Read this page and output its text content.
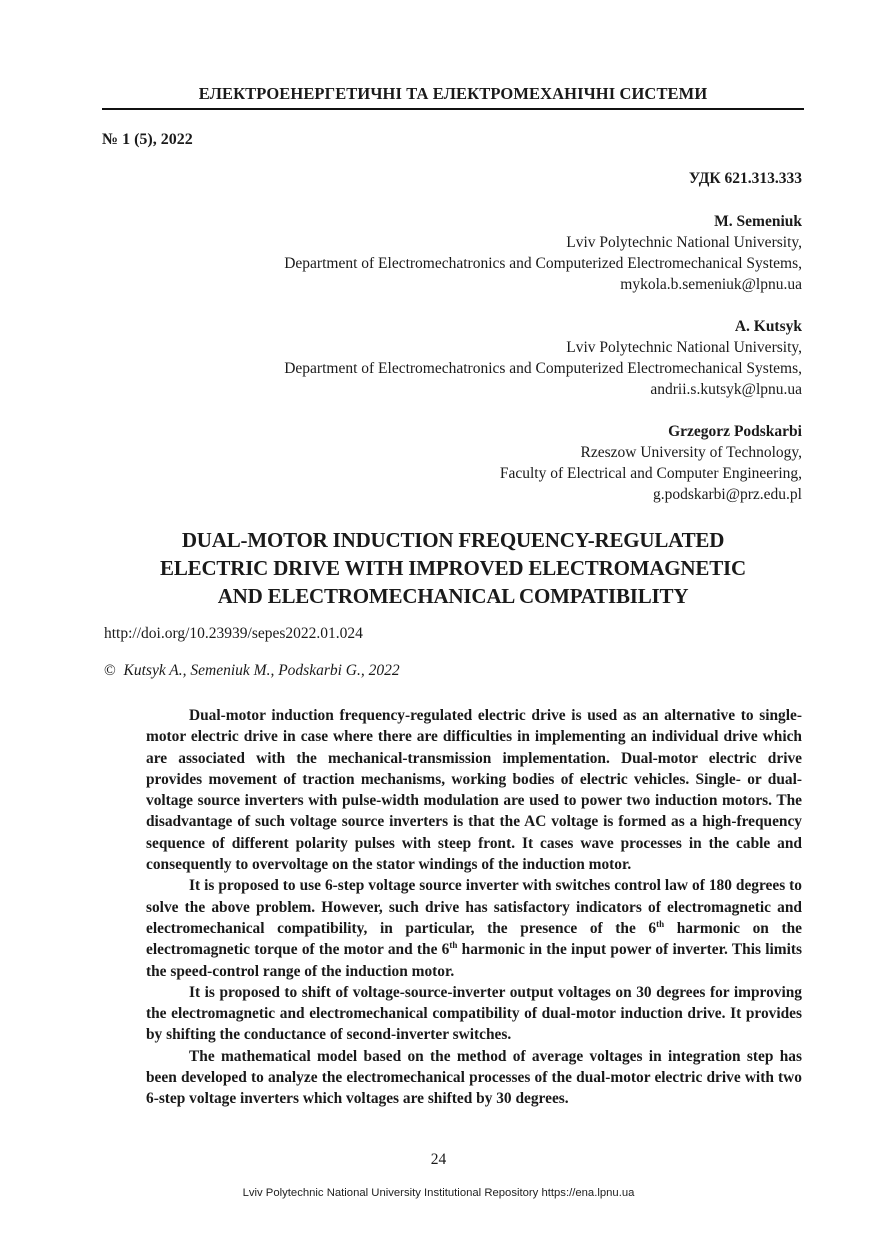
ЕЛЕКТРОЕНЕРГЕТИЧНІ ТА ЕЛЕКТРОМЕХАНІЧНІ СИСТЕМИ
№ 1 (5), 2022
УДК 621.313.333
M. Semeniuk
Lviv Polytechnic National University,
Department of Electromechatronics and Computerized Electromechanical Systems,
mykola.b.semeniuk@lpnu.ua
A. Kutsyk
Lviv Polytechnic National University,
Department of Electromechatronics and Computerized Electromechanical Systems,
andrii.s.kutsyk@lpnu.ua
Grzegorz Podskarbi
Rzeszow University of Technology,
Faculty of Electrical and Computer Engineering,
g.podskarbi@prz.edu.pl
DUAL-MOTOR INDUCTION FREQUENCY-REGULATED
ELECTRIC DRIVE WITH IMPROVED ELECTROMAGNETIC
AND ELECTROMECHANICAL COMPATIBILITY
http://doi.org/10.23939/sepes2022.01.024
© Kutsyk A., Semeniuk M., Podskarbi G., 2022

Dual-motor induction frequency-regulated electric drive is used as an alternative to single-motor electric drive in case where there are difficulties in implementing an individual drive which are associated with the mechanical-transmission implementation. Dual-motor electric drive provides movement of traction mechanisms, working bodies of electric vehicles. Single- or dual-voltage source inverters with pulse-width modulation are used to power two induction motors. The disadvantage of such voltage source inverters is that the AC voltage is formed as a high-frequency sequence of different polarity pulses with steep front. It cases wave processes in the cable and consequently to overvoltage on the stator windings of the induction motor.

It is proposed to use 6-step voltage source inverter with switches control law of 180 degrees to solve the above problem. However, such drive has satisfactory indicators of electromagnetic and electromechanical compatibility, in particular, the presence of the 6th harmonic on the electromagnetic torque of the motor and the 6th harmonic in the input power of inverter. This limits the speed-control range of the induction motor.

It is proposed to shift of voltage-source-inverter output voltages on 30 degrees for improving the electromagnetic and electromechanical compatibility of dual-motor induction drive. It provides by shifting the conductance of second-inverter switches.

The mathematical model based on the method of average voltages in integration step has been developed to analyze the electromechanical processes of the dual-motor electric drive with two 6-step voltage inverters which voltages are shifted by 30 degrees.

24
Lviv Polytechnic National University Institutional Repository https://ena.lpnu.ua
